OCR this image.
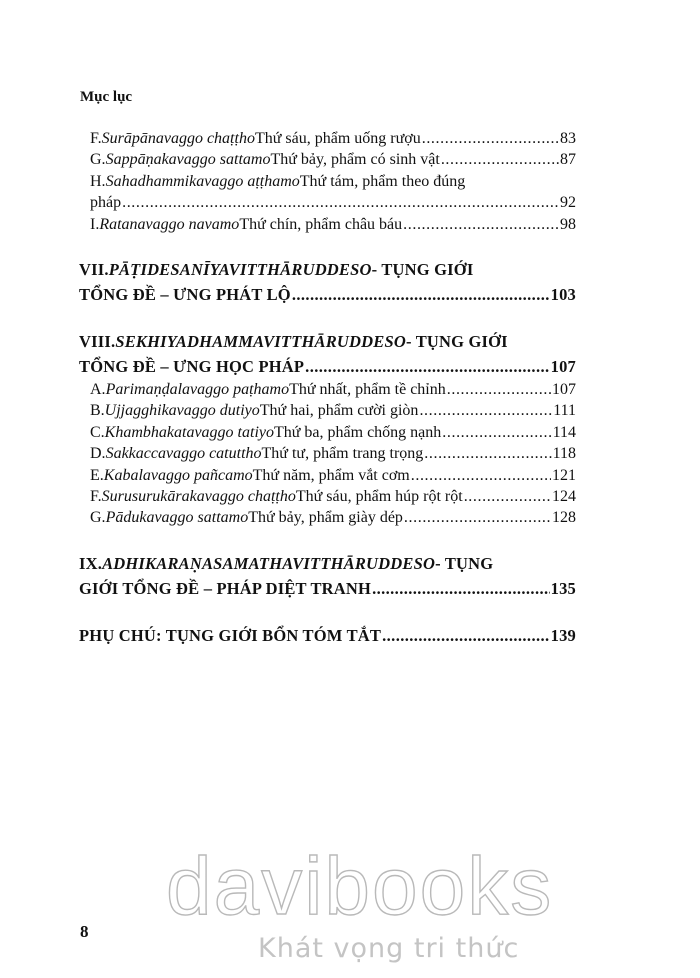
Mục lục
F. Surāpānavaggo chaṭṭho Thứ sáu, phẩm uống rượu .....	83
G. Sappāṇakavaggo sattamo Thứ bảy, phẩm có sinh vật .....	87
H. Sahadhammikavaggo aṭṭhamo Thứ tám, phẩm theo đúng
pháp .....	92
I. Ratanavaggo navamo Thứ chín, phẩm châu báu .....	98
VII. PĀṬIDESANĪYAVITTHĀRUDDESO - TỤNG GIỚI
TỔNG ĐỀ – ƯNG PHÁT LỘ .....	103
VIII. SEKHIYADHAMMAVITTHĀRUDDESO - TỤNG GIỚI
TỔNG ĐỀ – ƯNG HỌC PHÁP .....	107
A. Parimaṇḍalavaggo paṭhamo Thứ nhất, phẩm tề chỉnh .....	107
B. Ujjagghikavaggo dutiyo Thứ hai, phẩm cười giòn .....	111
C. Khambhakatavaggo tatiyo Thứ ba, phẩm chống nạnh .....	114
D. Sakkaccavaggo catuttho Thứ tư, phẩm trang trọng .....	118
E. Kabalavaggo pañcamo Thứ năm, phẩm vắt cơm .....	121
F. Surusurukārakavaggo chaṭṭho Thứ sáu, phẩm húp rột rột .....	124
G. Pādukavaggo sattamo Thứ bảy, phẩm giày dép .....	128
IX. ADHIKARAṆASAMATHAVITTHĀRUDDESO - TỤNG
GIỚI TỔNG ĐỀ – PHÁP DIỆT TRANH .....	135
PHỤ CHÚ: TỤNG GIỚI BỔN TÓM TẮT .....	139
davibooks
8
Khát vọng tri thức
